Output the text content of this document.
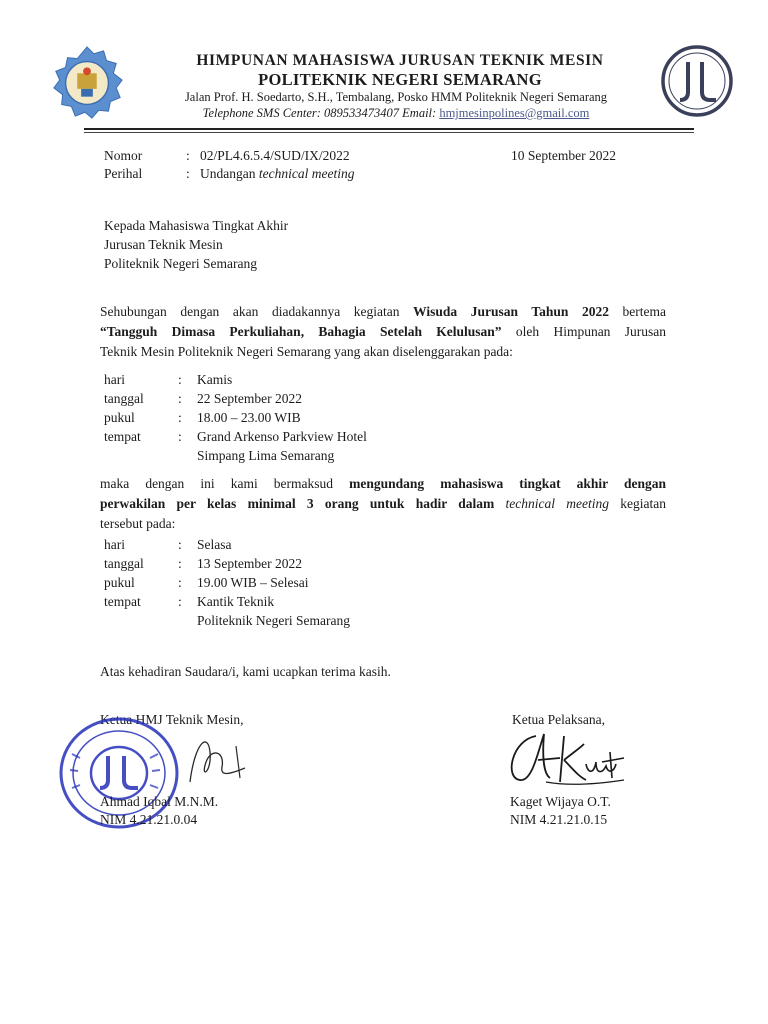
HIMPUNAN MAHASISWA JURUSAN TEKNIK MESIN
POLITEKNIK NEGERI SEMARANG
Jalan Prof. H. Soedarto, S.H., Tembalang, Posko HMM Politeknik Negeri Semarang
Telephone SMS Center: 089533473407 Email: hmjmesinpolines@gmail.com
Nomor	: 02/PL4.6.5.4/SUD/IX/2022	10 September 2022
Perihal	: Undangan technical meeting
Kepada Mahasiswa Tingkat Akhir
Jurusan Teknik Mesin
Politeknik Negeri Semarang
Sehubungan dengan akan diadakannya kegiatan Wisuda Jurusan Tahun 2022 bertema
“Tangguh Dimasa Perkuliahan, Bahagia Setelah Kelulusan” oleh Himpunan Jurusan
Teknik Mesin Politeknik Negeri Semarang yang akan diselenggarakan pada:
hari	: Kamis
tanggal	: 22 September 2022
pukul	: 18.00 – 23.00 WIB
tempat	: Grand Arkenso Parkview Hotel
Simpang Lima Semarang
maka dengan ini kami bermaksud mengundang mahasiswa tingkat akhir dengan
perwakilan per kelas minimal 3 orang untuk hadir dalam technical meeting kegiatan
tersebut pada:
hari	: Selasa
tanggal	: 13 September 2022
pukul	: 19.00 WIB – Selesai
tempat	: Kantik Teknik
Politeknik Negeri Semarang
Atas kehadiran Saudara/i, kami ucapkan terima kasih.
Ketua HMJ Teknik Mesin,
Ahmad Iqbal M.N.M.
NIM 4.21.21.0.04
Ketua Pelaksana,
Kaget Wijaya O.T.
NIM 4.21.21.0.15
